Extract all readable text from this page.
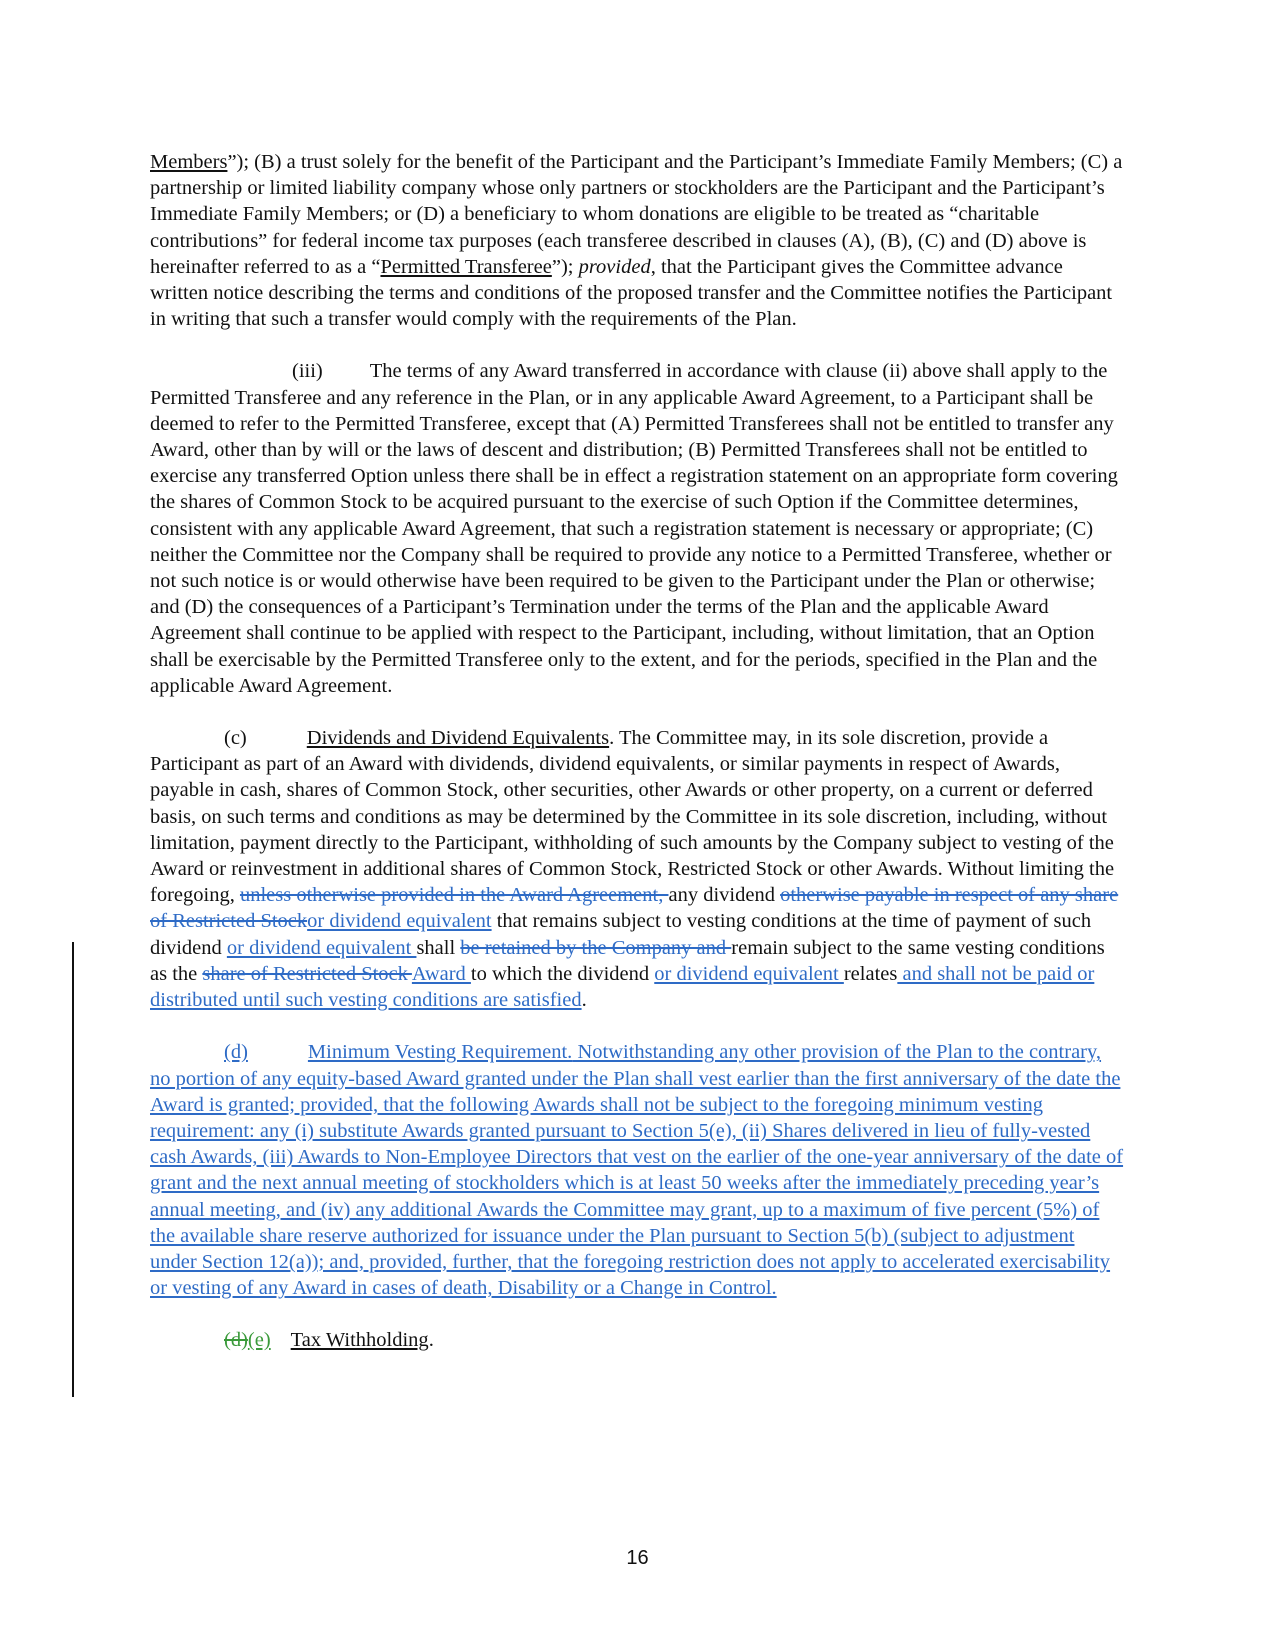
Members”); (B) a trust solely for the benefit of the Participant and the Participant’s Immediate Family Members; (C) a partnership or limited liability company whose only partners or stockholders are the Participant and the Participant’s Immediate Family Members; or (D) a beneficiary to whom donations are eligible to be treated as “charitable contributions” for federal income tax purposes (each transferee described in clauses (A), (B), (C) and (D) above is hereinafter referred to as a “Permitted Transferee”); provided, that the Participant gives the Committee advance written notice describing the terms and conditions of the proposed transfer and the Committee notifies the Participant in writing that such a transfer would comply with the requirements of the Plan.

(iii) The terms of any Award transferred in accordance with clause (ii) above shall apply to the Permitted Transferee and any reference in the Plan, or in any applicable Award Agreement, to a Participant shall be deemed to refer to the Permitted Transferee, except that (A) Permitted Transferees shall not be entitled to transfer any Award, other than by will or the laws of descent and distribution; (B) Permitted Transferees shall not be entitled to exercise any transferred Option unless there shall be in effect a registration statement on an appropriate form covering the shares of Common Stock to be acquired pursuant to the exercise of such Option if the Committee determines, consistent with any applicable Award Agreement, that such a registration statement is necessary or appropriate; (C) neither the Committee nor the Company shall be required to provide any notice to a Permitted Transferee, whether or not such notice is or would otherwise have been required to be given to the Participant under the Plan or otherwise; and (D) the consequences of a Participant’s Termination under the terms of the Plan and the applicable Award Agreement shall continue to be applied with respect to the Participant, including, without limitation, that an Option shall be exercisable by the Permitted Transferee only to the extent, and for the periods, specified in the Plan and the applicable Award Agreement.

(c)	Dividends and Dividend Equivalents. The Committee may, in its sole discretion, provide a Participant as part of an Award with dividends, dividend equivalents, or similar payments in respect of Awards, payable in cash, shares of Common Stock, other securities, other Awards or other property, on a current or deferred basis, on such terms and conditions as may be determined by the Committee in its sole discretion, including, without limitation, payment directly to the Participant, withholding of such amounts by the Company subject to vesting of the Award or reinvestment in additional shares of Common Stock, Restricted Stock or other Awards. Without limiting the foregoing, unless otherwise provided in the Award Agreement, any dividend otherwise payable in respect of any share of Restricted Stockor dividend equivalent that remains subject to vesting conditions at the time of payment of such dividend or dividend equivalent shall be retained by the Company and remain subject to the same vesting conditions as the share of Restricted Stock Award to which the dividend or dividend equivalent relates and shall not be paid or distributed until such vesting conditions are satisfied.

(d)	Minimum Vesting Requirement. Notwithstanding any other provision of the Plan to the contrary, no portion of any equity-based Award granted under the Plan shall vest earlier than the first anniversary of the date the Award is granted; provided, that the following Awards shall not be subject to the foregoing minimum vesting requirement: any (i) substitute Awards granted pursuant to Section 5(e), (ii) Shares delivered in lieu of fully-vested cash Awards, (iii) Awards to Non-Employee Directors that vest on the earlier of the one-year anniversary of the date of grant and the next annual meeting of stockholders which is at least 50 weeks after the immediately preceding year’s annual meeting, and (iv) any additional Awards the Committee may grant, up to a maximum of five percent (5%) of the available share reserve authorized for issuance under the Plan pursuant to Section 5(b) (subject to adjustment under Section 12(a)); and, provided, further, that the foregoing restriction does not apply to accelerated exercisability or vesting of any Award in cases of death, Disability or a Change in Control.

(d)(e) Tax Withholding.

16
